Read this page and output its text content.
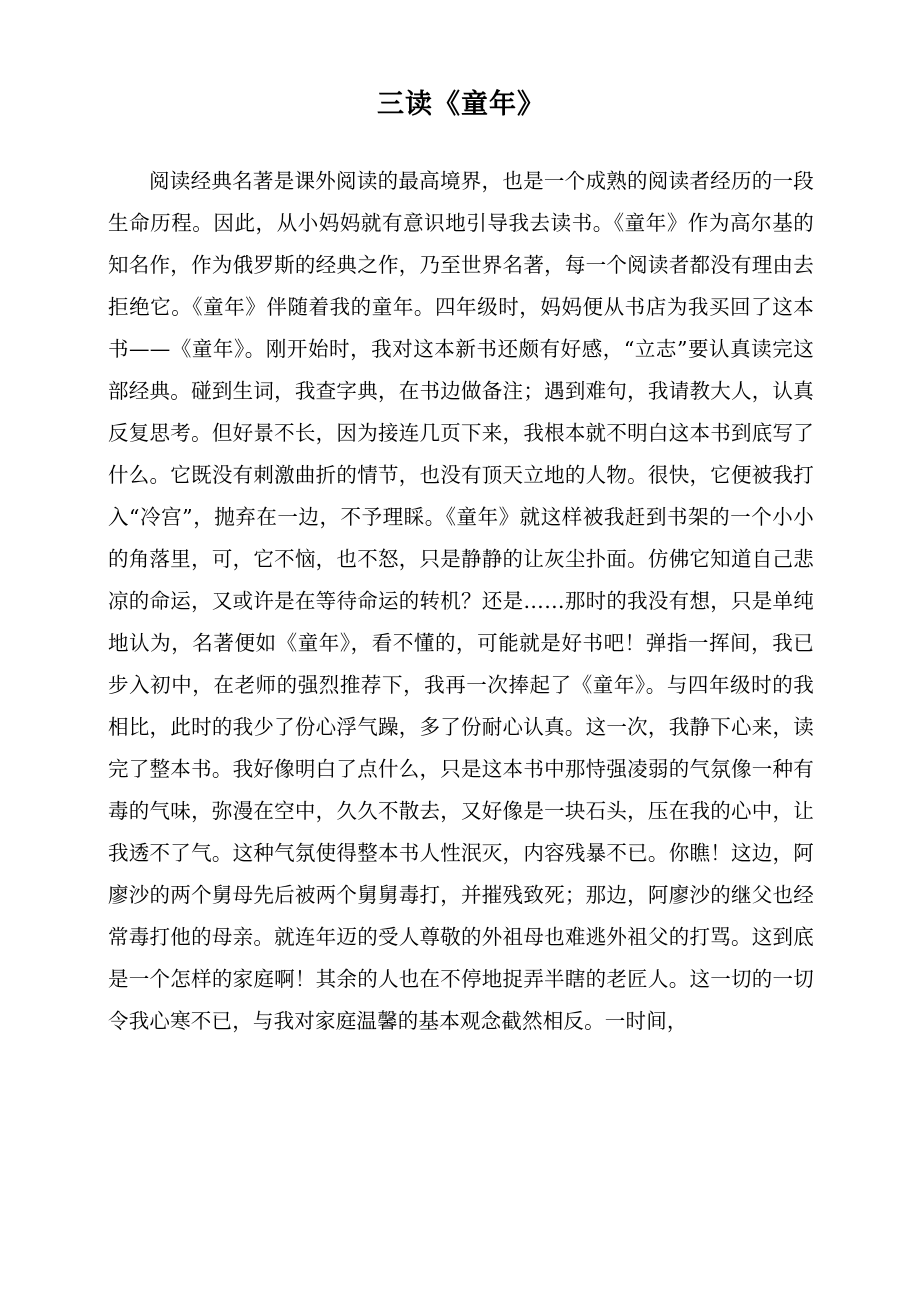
三读《童年》

阅读经典名著是课外阅读的最高境界，也是一个成熟的阅读者经历的一段生命历程。因此，从小妈妈就有意识地引导我去读书。《童年》作为高尔基的知名作，作为俄罗斯的经典之作，乃至世界名著，每一个阅读者都没有理由去拒绝它。《童年》伴随着我的童年。四年级时，妈妈便从书店为我买回了这本书——《童年》。刚开始时，我对这本新书还颇有好感，“立志”要认真读完这部经典。碰到生词，我查字典，在书边做备注；遇到难句，我请教大人，认真反复思考。但好景不长，因为接连几页下来，我根本就不明白这本书到底写了什么。它既没有刺激曲折的情节，也没有顶天立地的人物。很快，它便被我打入“冷宫”，抛弃在一边，不予理睬。《童年》就这样被我赶到书架的一个小小的角落里，可，它不恼，也不怒，只是静静的让灰尘扑面。仿佛它知道自己悲凉的命运，又或许是在等待命运的转机？还是……那时的我没有想，只是单纯地认为，名著便如《童年》，看不懂的，可能就是好书吧！弹指一挥间，我已步入初中，在老师的强烈推荐下，我再一次捧起了《童年》。与四年级时的我相比，此时的我少了份心浮气躁，多了份耐心认真。这一次，我静下心来，读完了整本书。我好像明白了点什么，只是这本书中那恃强凌弱的气氛像一种有毒的气味，弥漫在空中，久久不散去，又好像是一块石头，压在我的心中，让我透不了气。这种气氛使得整本书人性泯灭，内容残暴不已。你瞧！这边，阿廖沙的两个舅母先后被两个舅舅毒打，并摧残致死；那边，阿廖沙的继父也经常毒打他的母亲。就连年迈的受人尊敬的外祖母也难逃外祖父的打骂。这到底是一个怎样的家庭啊！其余的人也在不停地捉弄半瞎的老匠人。这一切的一切令我心寒不已，与我对家庭温馨的基本观念截然相反。一时间，
